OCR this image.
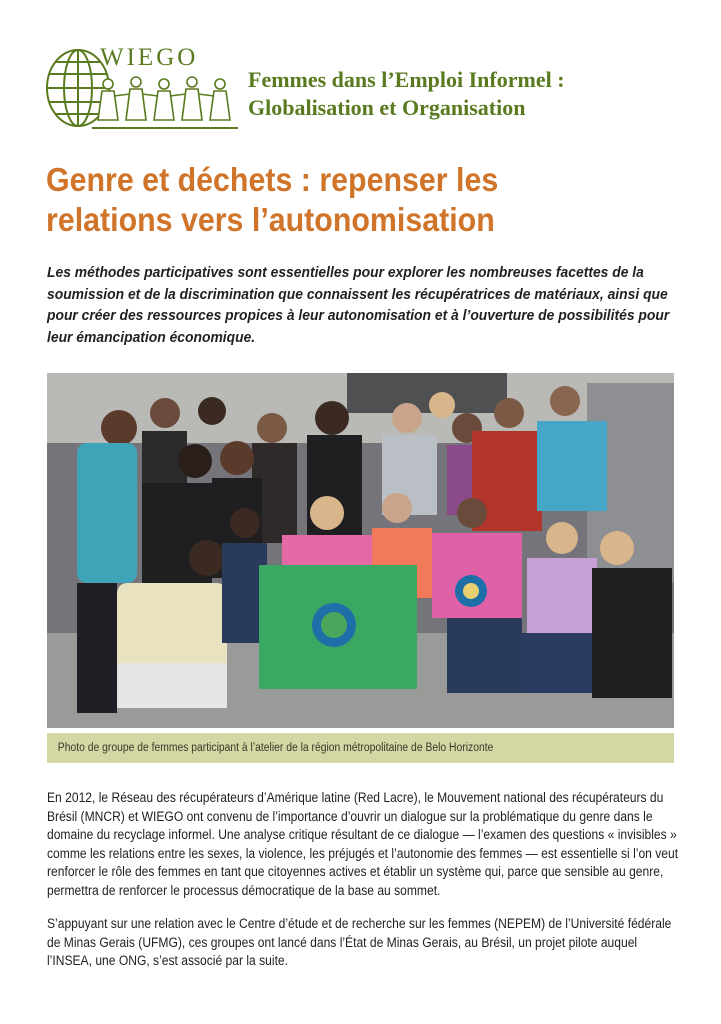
WIEGO
Femmes dans l’Emploi Informel :
Globalisation et Organisation
Genre et déchets : repenser les
relations vers l’autonomisation

Les méthodes participatives sont essentielles pour explorer les nombreuses facettes de la soumission et de la discrimination que connaissent les récupératrices de matériaux, ainsi que pour créer des ressources propices à leur autonomisation et à l’ouverture de possibilités pour leur émancipation économique.

Photo de groupe de femmes participant à l’atelier de la région métropolitaine de Belo Horizonte

En 2012, le Réseau des récupérateurs d’Amérique latine (Red Lacre), le Mouvement national des récupérateurs du Brésil (MNCR) et WIEGO ont convenu de l’importance d’ouvrir un dialogue sur la problématique du genre dans le domaine du recyclage informel. Une analyse critique résultant de ce dialogue — l’examen des questions « invisibles » comme les relations entre les sexes, la violence, les préjugés et l’autonomie des femmes — est essentielle si l’on veut renforcer le rôle des femmes en tant que citoyennes actives et établir un système qui, parce que sensible au genre, permettra de renforcer le processus démocratique de la base au sommet.

S’appuyant sur une relation avec le Centre d’étude et de recherche sur les femmes (NEPEM) de l’Université fédérale de Minas Gerais (UFMG), ces groupes ont lancé dans l’État de Minas Gerais, au Brésil, un projet pilote auquel l’INSEA, une ONG, s’est associé par la suite.
